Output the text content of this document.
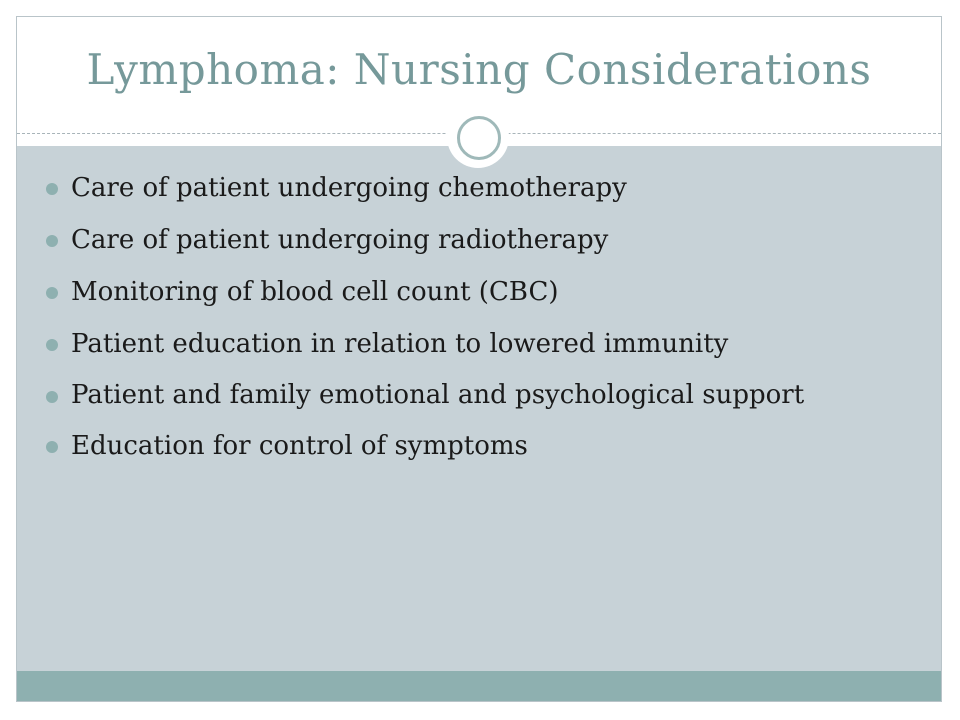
Lymphoma: Nursing Considerations
Care of patient undergoing chemotherapy
Care of patient undergoing radiotherapy
Monitoring of blood cell count (CBC)
Patient education in relation to lowered immunity
Patient and family emotional and psychological support
Education for control of symptoms
